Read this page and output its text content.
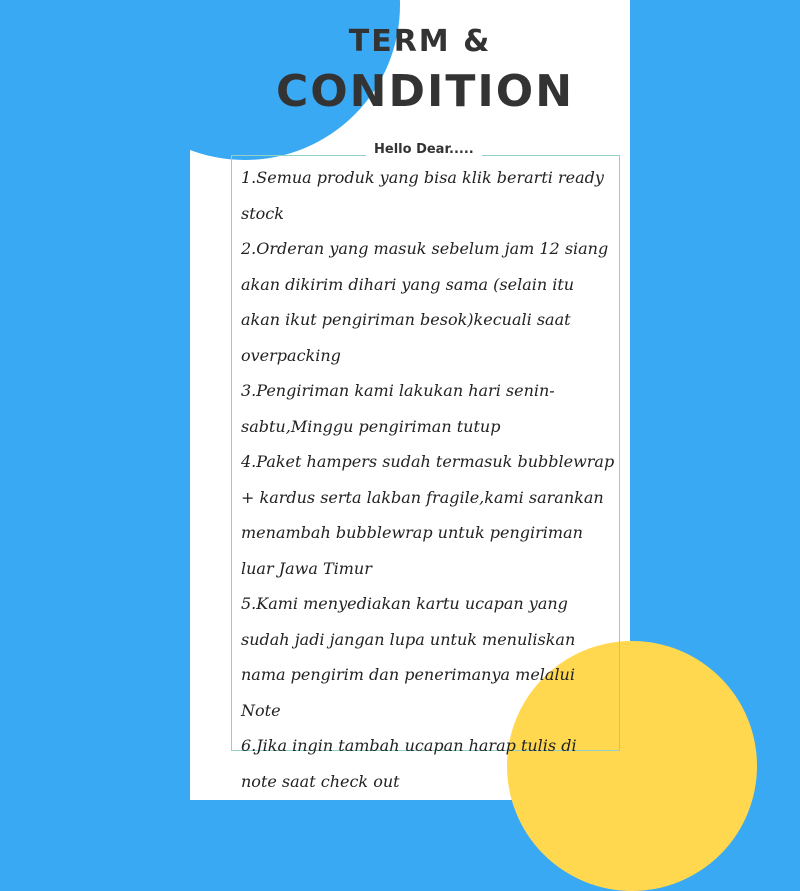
TERM &
CONDITION
Hello Dear.....
1.Semua produk yang bisa klik berarti ready stock
2.Orderan yang masuk sebelum jam 12 siang akan dikirim dihari yang sama (selain itu akan ikut pengiriman besok)kecuali saat overpacking
3.Pengiriman kami lakukan hari senin-sabtu,Minggu pengiriman tutup
4.Paket hampers sudah termasuk bubblewrap + kardus serta lakban fragile,kami sarankan menambah bubblewrap untuk pengiriman luar Jawa Timur
5.Kami menyediakan kartu ucapan yang sudah jadi jangan lupa untuk menuliskan nama pengirim dan penerimanya melalui Note
6.Jika ingin tambah ucapan harap tulis di note saat check out
